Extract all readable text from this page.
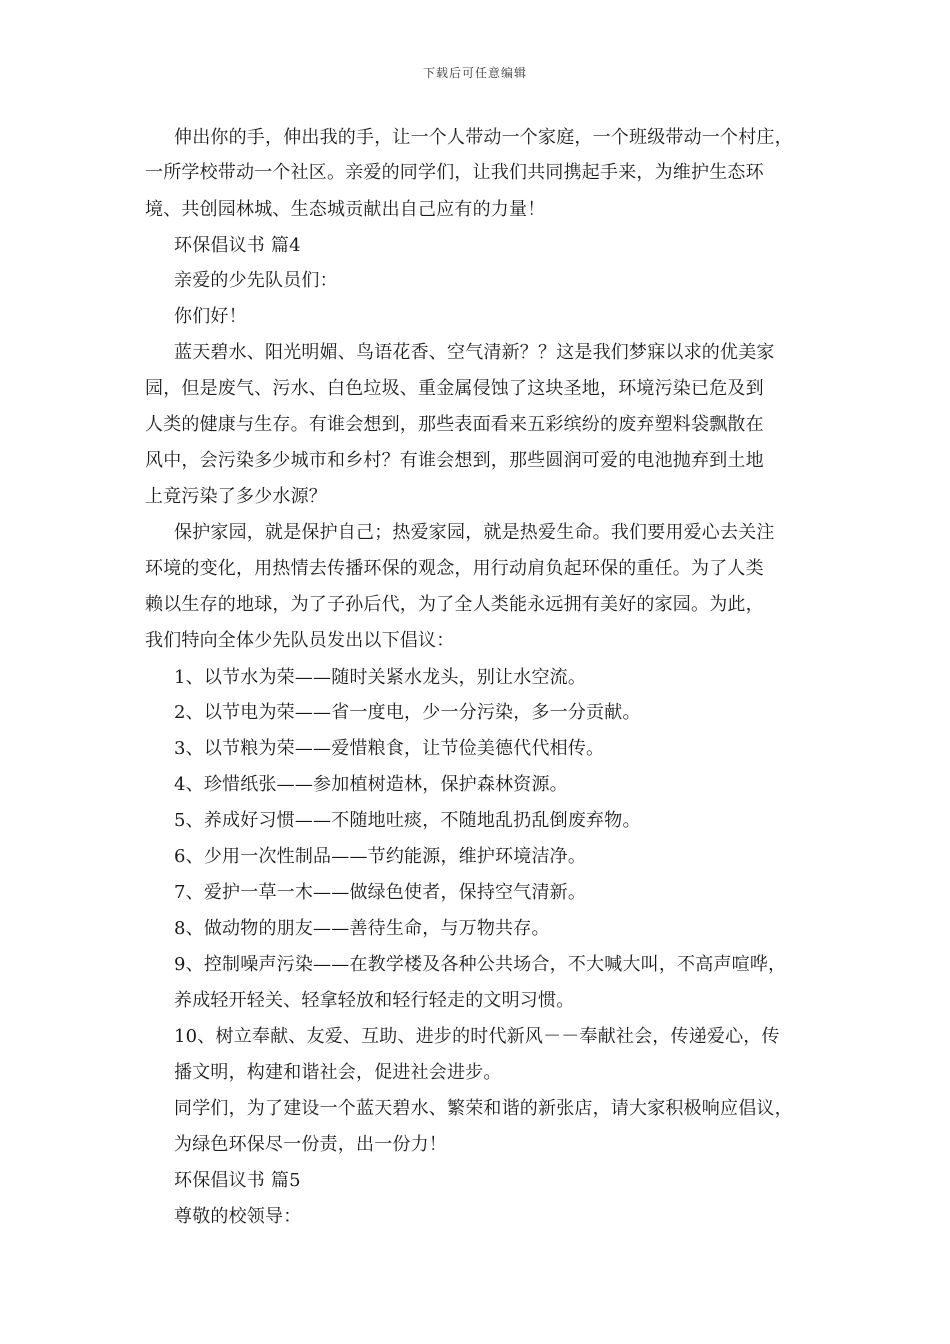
下载后可任意编辑
伸出你的手，伸出我的手，让一个人带动一个家庭，一个班级带动一个村庄，
一所学校带动一个社区。亲爱的同学们，让我们共同携起手来，为维护生态环
境、共创园林城、生态城贡献出自己应有的力量！
环保倡议书 篇4
亲爱的少先队员们：
你们好！
蓝天碧水、阳光明媚、鸟语花香、空气清新？？这是我们梦寐以求的优美家
园，但是废气、污水、白色垃圾、重金属侵蚀了这块圣地，环境污染已危及到
人类的健康与生存。有谁会想到，那些表面看来五彩缤纷的废弃塑料袋飘散在
风中，会污染多少城市和乡村？有谁会想到，那些圆润可爱的电池抛弃到土地
上竟污染了多少水源？
保护家园，就是保护自己；热爱家园，就是热爱生命。我们要用爱心去关注
环境的变化，用热情去传播环保的观念，用行动肩负起环保的重任。为了人类
赖以生存的地球，为了子孙后代，为了全人类能永远拥有美好的家园。为此，
我们特向全体少先队员发出以下倡议：
1、以节水为荣——随时关紧水龙头，别让水空流。
2、以节电为荣——省一度电，少一分污染，多一分贡献。
3、以节粮为荣——爱惜粮食，让节俭美德代代相传。
4、珍惜纸张——参加植树造林，保护森林资源。
5、养成好习惯——不随地吐痰，不随地乱扔乱倒废弃物。
6、少用一次性制品——节约能源，维护环境洁净。
7、爱护一草一木——做绿色使者，保持空气清新。
8、做动物的朋友——善待生命，与万物共存。
9、控制噪声污染——在教学楼及各种公共场合，不大喊大叫，不高声喧哗，
养成轻开轻关、轻拿轻放和轻行轻走的文明习惯。
10、树立奉献、友爱、互助、进步的时代新风－－奉献社会，传递爱心，传
播文明，构建和谐社会，促进社会进步。
同学们，为了建设一个蓝天碧水、繁荣和谐的新张店，请大家积极响应倡议，
为绿色环保尽一份责，出一份力！
环保倡议书 篇5
尊敬的校领导：
